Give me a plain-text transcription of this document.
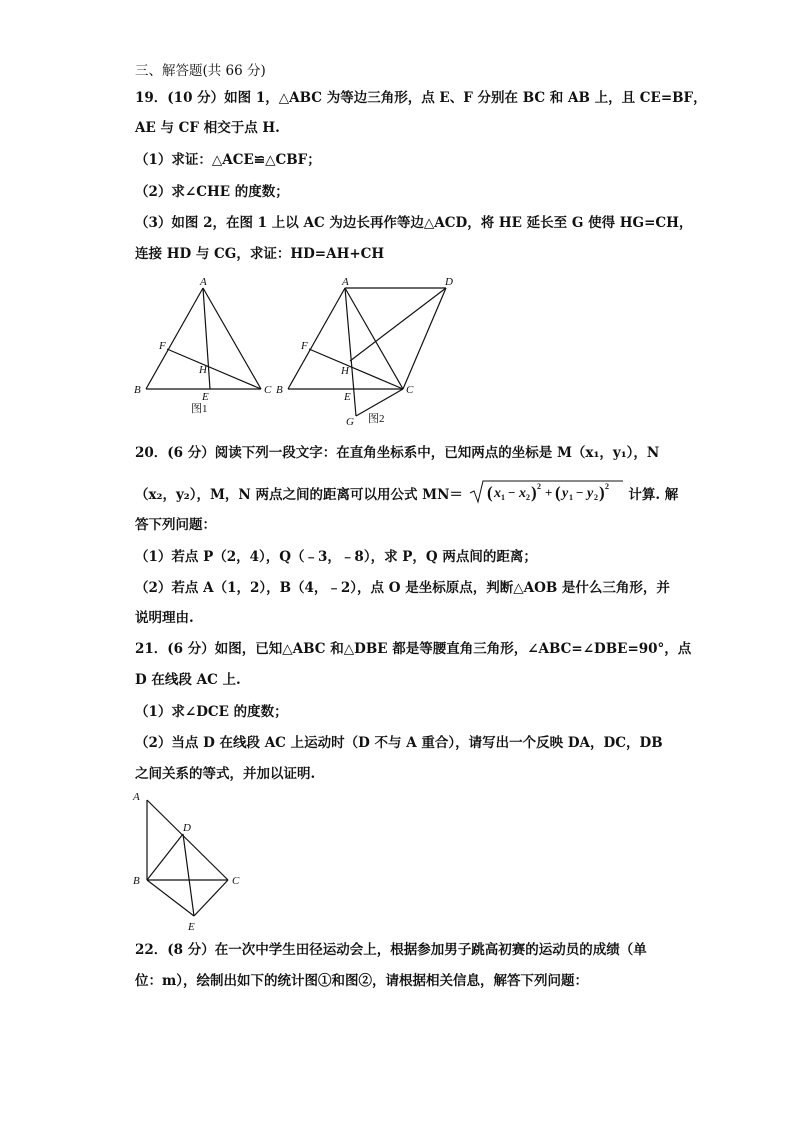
三、解答题(共 66 分)
19．(10 分）如图 1，△ABC 为等边三角形，点 E、F 分别在 BC 和 AB 上，且 CE=BF，
AE 与 CF 相交于点 H.
（1）求证：△ACE≌△CBF；
（2）求∠CHE 的度数；
（3）如图 2，在图 1 上以 AC 为边长再作等边△ACD，将 HE 延长至 G 使得 HG=CH，
连接 HD 与 CG，求证：HD=AH+CH
A
F
H
B
E
C
图1
A	D
F
H
B
E
C
G 图2
20．(6 分）阅读下列一段文字：在直角坐标系中，已知两点的坐标是 M（x₁，y₁），N
（x₂，y₂），M，N 两点之间的距离可以用公式 MN＝ ( x 1 − x 2 ) 2 + ( y 1 − y 2 ) 2
计算. 解
答下列问题：
（1）若点 P（2，4），Q（﹣3，﹣8），求 P，Q 两点间的距离；
（2）若点 A（1，2），B（4，﹣2），点 O 是坐标原点，判断△AOB 是什么三角形，并
说明理由.
21．(6 分）如图，已知△ABC 和△DBE 都是等腰直角三角形，∠ABC=∠DBE=90°，点
D 在线段 AC 上.
（1）求∠DCE 的度数；
（2）当点 D 在线段 AC 上运动时（D 不与 A 重合），请写出一个反映 DA，DC，DB
之间关系的等式，并加以证明.
A
D
B	C
E
22．(8 分）在一次中学生田径运动会上，根据参加男子跳高初赛的运动员的成绩（单
位：m），绘制出如下的统计图①和图②，请根据相关信息，解答下列问题：
